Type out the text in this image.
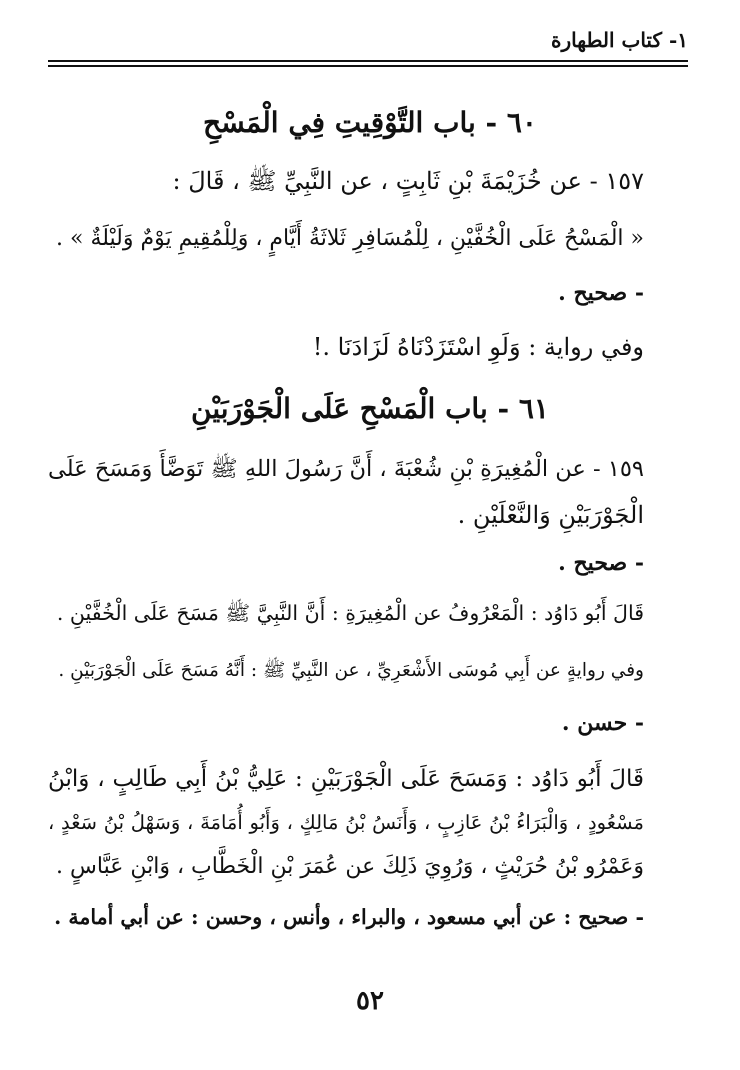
١- كتاب الطهارة
٦٠ - باب التَّوْقِيتِ فِي الْمَسْحِ
١٥٧ - عن خُزَيْمَةَ بْنِ ثَابِتٍ ، عن النَّبِيِّ ﷺ ، قَالَ :
« الْمَسْحُ عَلَى الْخُفَّيْنِ ، لِلْمُسَافِرِ ثَلاثَةُ أَيَّامٍ ، وَلِلْمُقِيمِ يَوْمٌ وَلَيْلَةٌ » .
- صحيح .
وفي رواية : وَلَوِ اسْتَزَدْنَاهُ لَزَادَنَا .!
٦١ - باب الْمَسْحِ عَلَى الْجَوْرَبَيْنِ
١٥٩ - عن الْمُغِيرَةِ بْنِ شُعْبَةَ ، أَنَّ رَسُولَ اللهِ ﷺ تَوَضَّأَ وَمَسَحَ عَلَى
الْجَوْرَبَيْنِ وَالنَّعْلَيْنِ .
- صحيح .
قَالَ أَبُو دَاوُد : الْمَعْرُوفُ عن الْمُغِيرَةِ : أَنَّ النَّبِيَّ ﷺ مَسَحَ عَلَى الْخُفَّيْنِ .
وفي روايةٍ عن أَبِي مُوسَى الأَشْعَرِيِّ ، عن النَّبِيِّ ﷺ : أَنَّهُ مَسَحَ عَلَى الْجَوْرَبَيْنِ .
- حسن .
قَالَ أَبُو دَاوُد : وَمَسَحَ عَلَى الْجَوْرَبَيْنِ : عَلِيُّ بْنُ أَبِي طَالِبٍ ، وَابْنُ
مَسْعُودٍ ، وَالْبَرَاءُ بْنُ عَازِبٍ ، وَأَنَسُ بْنُ مَالِكٍ ، وَأَبُو أُمَامَةَ ، وَسَهْلُ بْنُ سَعْدٍ ،
وَعَمْرُو بْنُ حُرَيْثٍ ، وَرُوِيَ ذَلِكَ عن عُمَرَ بْنِ الْخَطَّابِ ، وَابْنِ عَبَّاسٍ .
- صحيح : عن أبي مسعود ، والبراء ، وأنس ، وحسن : عن أبي أمامة .
٥٢
